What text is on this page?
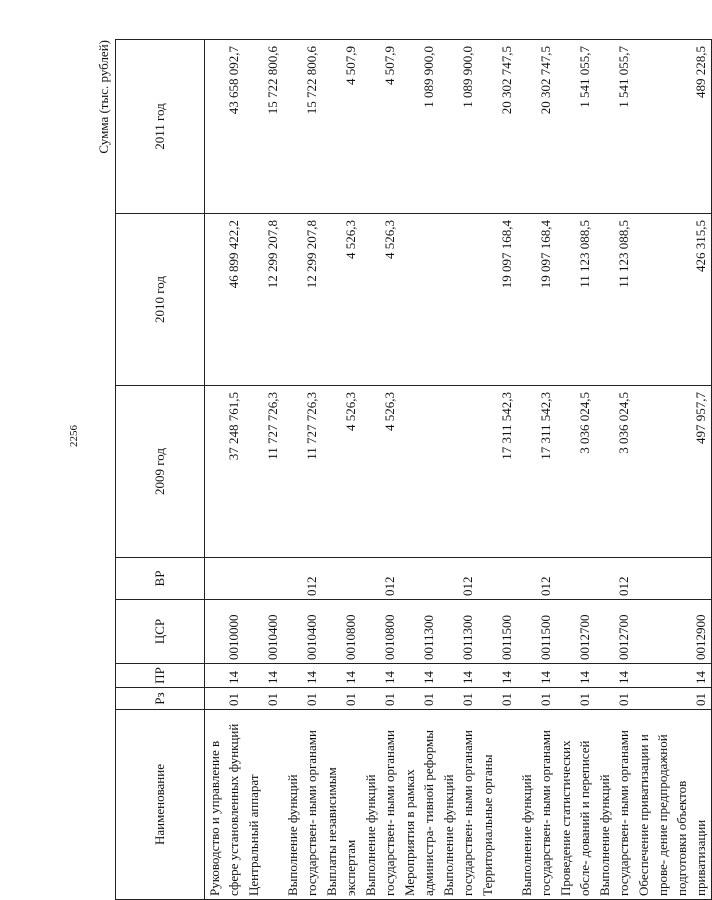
2256
Сумма (тыс. рублей)
Наименование	Рз	ПР	ЦСР	ВР	2009 год	2010 год	2011 год
Руководство и управление в сфере установленных функций	01	14	0010000		37 248 761,5	46 899 422,2	43 658 092,7
Центральный аппарат	01	14	0010400		11 727 726,3	12 299 207,8	15 722 800,6
Выполнение функций государствен- ными органами	01	14	0010400	012	11 727 726,3	12 299 207,8	15 722 800,6
Выплаты независимым экспертам	01	14	0010800		4 526,3	4 526,3	4 507,9
Выполнение функций государствен- ными органами	01	14	0010800	012	4 526,3	4 526,3	4 507,9
Мероприятия в рамках администра- тивной реформы	01	14	0011300				1 089 900,0
Выполнение функций государствен- ными органами	01	14	0011300	012			1 089 900,0
Территориальные органы	01	14	0011500		17 311 542,3	19 097 168,4	20 302 747,5
Выполнение функций государствен- ными органами	01	14	0011500	012	17 311 542,3	19 097 168,4	20 302 747,5
Проведение статистических обсле- дований и переписей	01	14	0012700		3 036 024,5	11 123 088,5	1 541 055,7
Выполнение функций государствен- ными органами	01	14	0012700	012	3 036 024,5	11 123 088,5	1 541 055,7
Обеспечение приватизации и прове- дение предпродажной подготовки объектов приватизации	01	14	0012900		497 957,7	426 315,5	489 228,5
